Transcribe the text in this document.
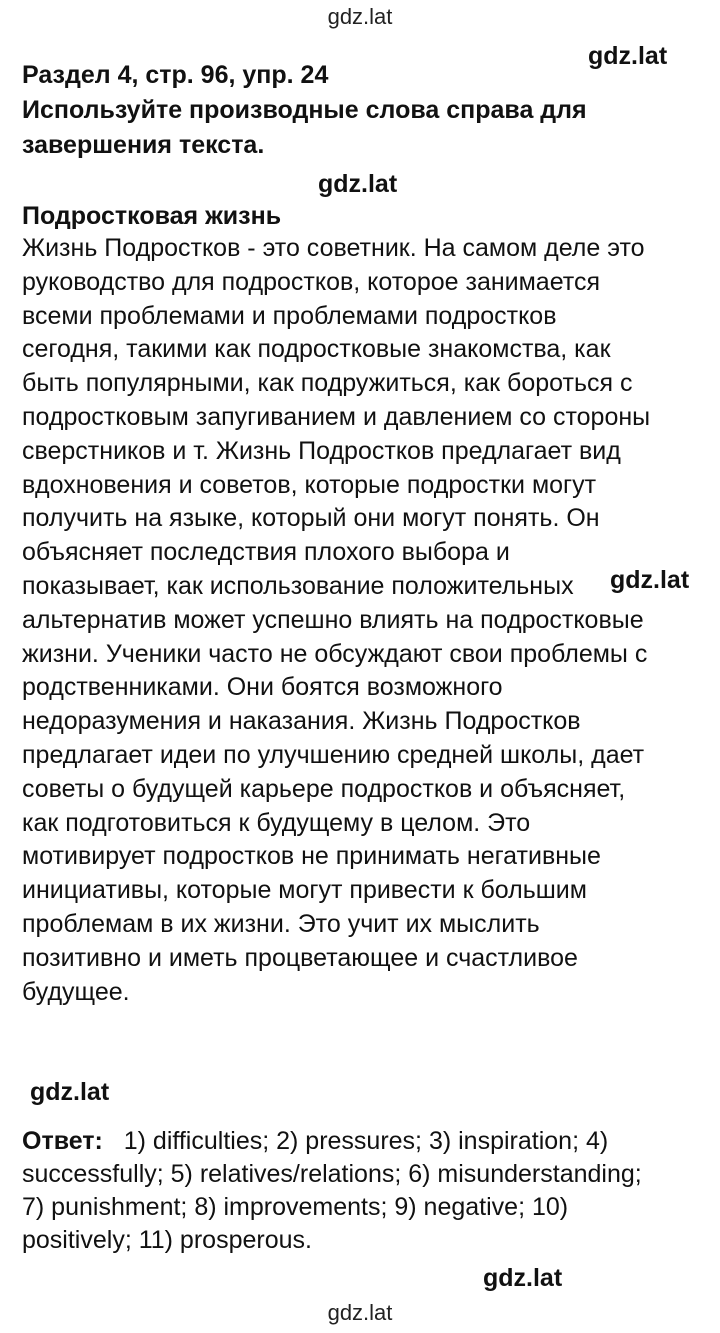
gdz.lat
gdz.lat
gdz.lat
gdz.lat
gdz.lat
gdz.lat
gdz.lat
Раздел 4, стр. 96, упр. 24
Используйте производные слова справа для
завершения текста.
Подростковая жизнь
Жизнь Подростков - это советник. На самом деле это
руководство для подростков, которое занимается
всеми проблемами и проблемами подростков
сегодня, такими как подростковые знакомства, как
быть популярными, как подружиться, как бороться с
подростковым запугиванием и давлением со стороны
сверстников и т. Жизнь Подростков предлагает вид
вдохновения и советов, которые подростки могут
получить на языке, который они могут понять. Он
объясняет последствия плохого выбора и
показывает, как использование положительных
альтернатив может успешно влиять на подростковые
жизни. Ученики часто не обсуждают свои проблемы с
родственниками. Они боятся возможного
недоразумения и наказания. Жизнь Подростков
предлагает идеи по улучшению средней школы, дает
советы о будущей карьере подростков и объясняет,
как подготовиться к будущему в целом. Это
мотивирует подростков не принимать негативные
инициативы, которые могут привести к большим
проблемам в их жизни. Это учит их мыслить
позитивно и иметь процветающее и счастливое
будущее.
Ответ: 1) difficulties; 2) pressures; 3) inspiration; 4)
successfully; 5) relatives/relations; 6) misunderstanding;
7) punishment; 8) improvements; 9) negative; 10)
positively; 11) prosperous.
